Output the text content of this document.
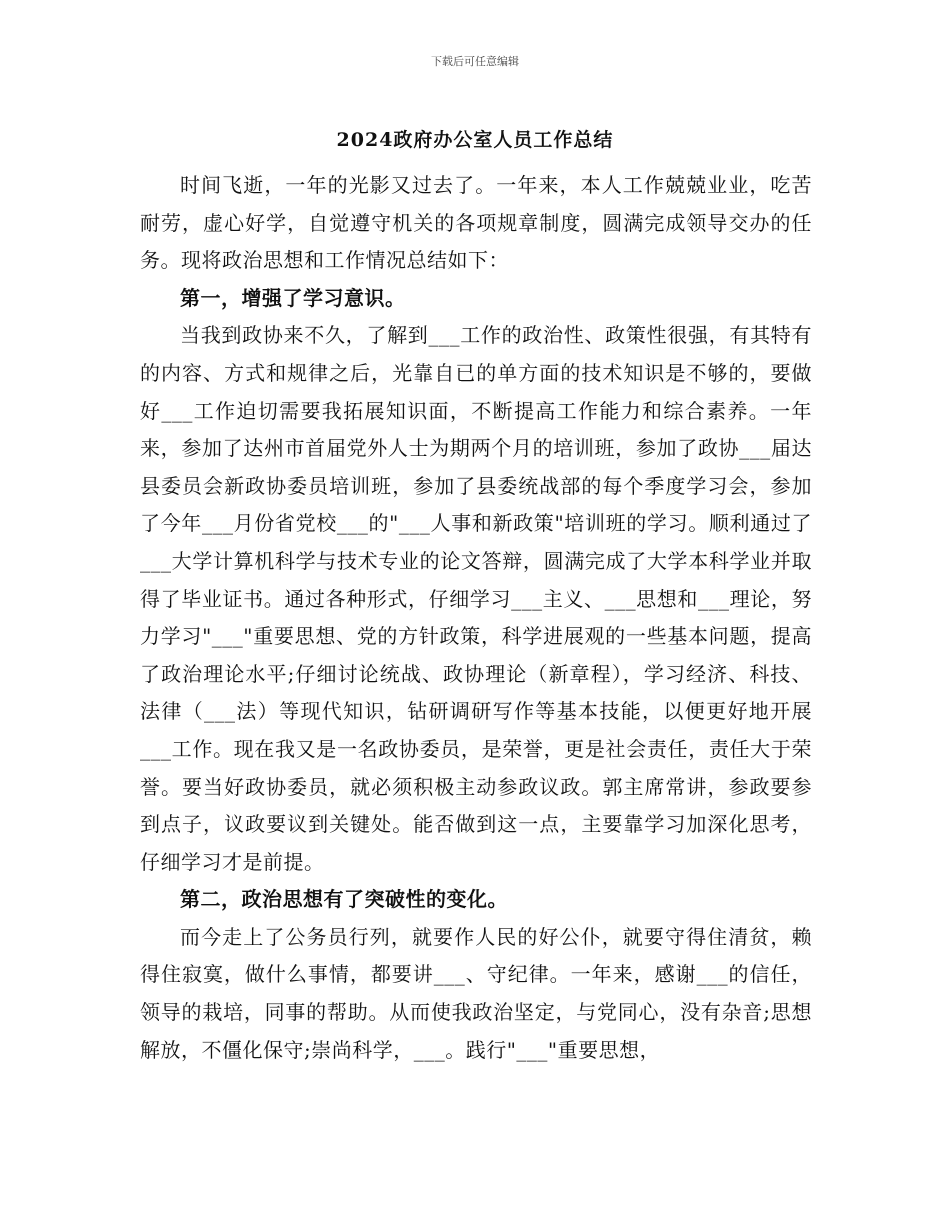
下载后可任意编辑
2024政府办公室人员工作总结

时间飞逝，一年的光影又过去了。一年来，本人工作兢兢业业，吃苦耐劳，虚心好学，自觉遵守机关的各项规章制度，圆满完成领导交办的任务。现将政治思想和工作情况总结如下：

第一，增强了学习意识。

当我到政协来不久，了解到___工作的政治性、政策性很强，有其特有的内容、方式和规律之后，光靠自已的单方面的技术知识是不够的，要做好___工作迫切需要我拓展知识面，不断提高工作能力和综合素养。一年来，参加了达州市首届党外人士为期两个月的培训班，参加了政协___届达县委员会新政协委员培训班，参加了县委统战部的每个季度学习会，参加了今年___月份省党校___的"___人事和新政策"培训班的学习。顺利通过了___大学计算机科学与技术专业的论文答辩，圆满完成了大学本科学业并取得了毕业证书。通过各种形式，仔细学习___主义、___思想和___理论，努力学习"___"重要思想、党的方针政策，科学进展观的一些基本问题，提高了政治理论水平;仔细讨论统战、政协理论（新章程），学习经济、科技、法律（___法）等现代知识，钻研调研写作等基本技能，以便更好地开展___工作。现在我又是一名政协委员，是荣誉，更是社会责任，责任大于荣誉。要当好政协委员，就必须积极主动参政议政。郭主席常讲，参政要参到点子，议政要议到关键处。能否做到这一点，主要靠学习加深化思考，仔细学习才是前提。

第二，政治思想有了突破性的变化。

而今走上了公务员行列，就要作人民的好公仆，就要守得住清贫，赖得住寂寞，做什么事情，都要讲___、守纪律。一年来，感谢___的信任，领导的栽培，同事的帮助。从而使我政治坚定，与党同心，没有杂音;思想解放，不僵化保守;崇尚科学，___。践行"___"重要思想，
